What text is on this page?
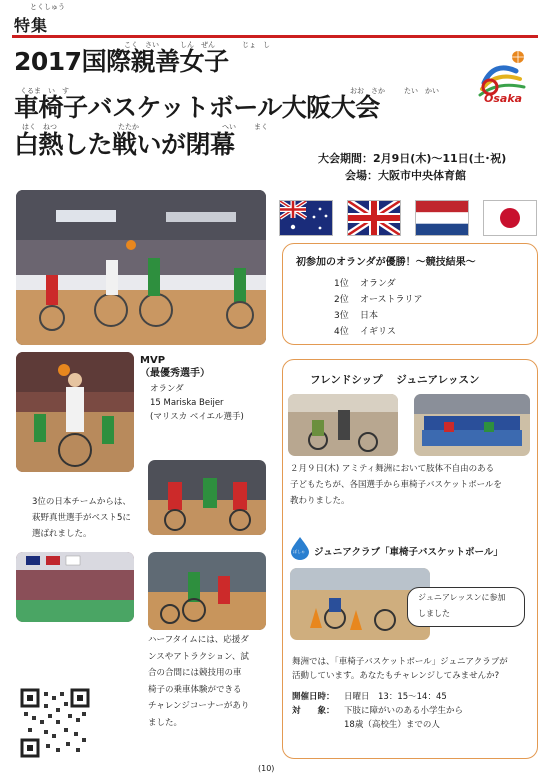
とくしゅう
特集
こく　さい	しん　ぜん	じょ　し
くるま い　す	おお　さか	たい　かい
はく　ねつ	たたか	へい	まく
2017国際親善女子
車椅子バスケットボール大阪大会
白熱した戦いが閉幕
Osaka
大会期間：2月9日(木)～11日(土･祝)
会場：大阪市中央体育館
初参加のオランダが優勝！～競技結果～
1位 オランダ
2位 オーストラリア
3位 日本
4位 イギリス
MVP
（最優秀選手）
オランダ
15 Mariska Beijer
(マリスカ ベイエル選手)
3位の日本チームからは、
萩野真世選手がベスト5に
選ばれました。
ハーフタイムには、応援ダ
ンスやアトラクション、試
合の合間には競技用の車
椅子の乗車体験ができる
チャレンジコーナーがあり
ました。
フレンドシップ ジュニアレッスン
２月９日(木) アミティ舞洲において肢体不自由のある
子どもたちが、各国選手から車椅子バスケットボールを
教わりました。
ぽしゃ ジュニアクラブ「車椅子バスケットボール」
ジュニアレッスンに参加
しました
舞洲では、「車椅子バスケットボール」ジュニアクラブが
活動しています。あなたもチャレンジしてみませんか?
開催日時： 日曜日　13：15～14：45
対　　象： 下肢に障がいのある小学生から
18歳（高校生）までの人
(10)
